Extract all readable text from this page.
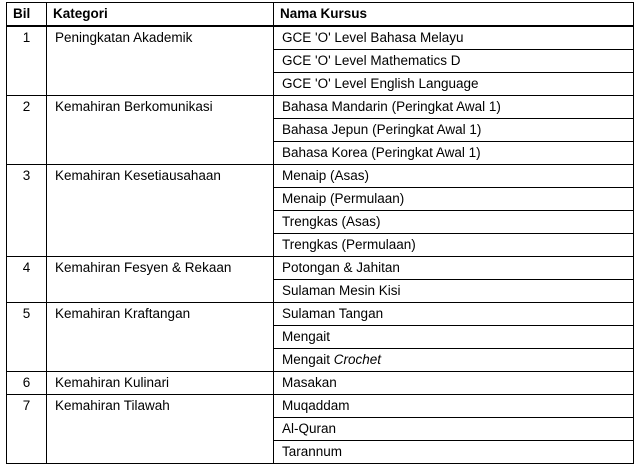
Bil	Kategori	Nama Kursus
1	Peningkatan Akademik	GCE 'O' Level Bahasa Melayu
		GCE 'O' Level Mathematics D
		GCE 'O' Level English Language
2	Kemahiran Berkomunikasi	Bahasa Mandarin (Peringkat Awal 1)
		Bahasa Jepun (Peringkat Awal 1)
		Bahasa Korea (Peringkat Awal 1)
3	Kemahiran Kesetiausahaan	Menaip (Asas)
		Menaip (Permulaan)
		Trengkas (Asas)
		Trengkas (Permulaan)
4	Kemahiran Fesyen & Rekaan	Potongan & Jahitan
		Sulaman Mesin Kisi
5	Kemahiran Kraftangan	Sulaman Tangan
		Mengait
		Mengait Crochet
6	Kemahiran Kulinari	Masakan
7	Kemahiran Tilawah	Muqaddam
		Al-Quran
		Tarannum
